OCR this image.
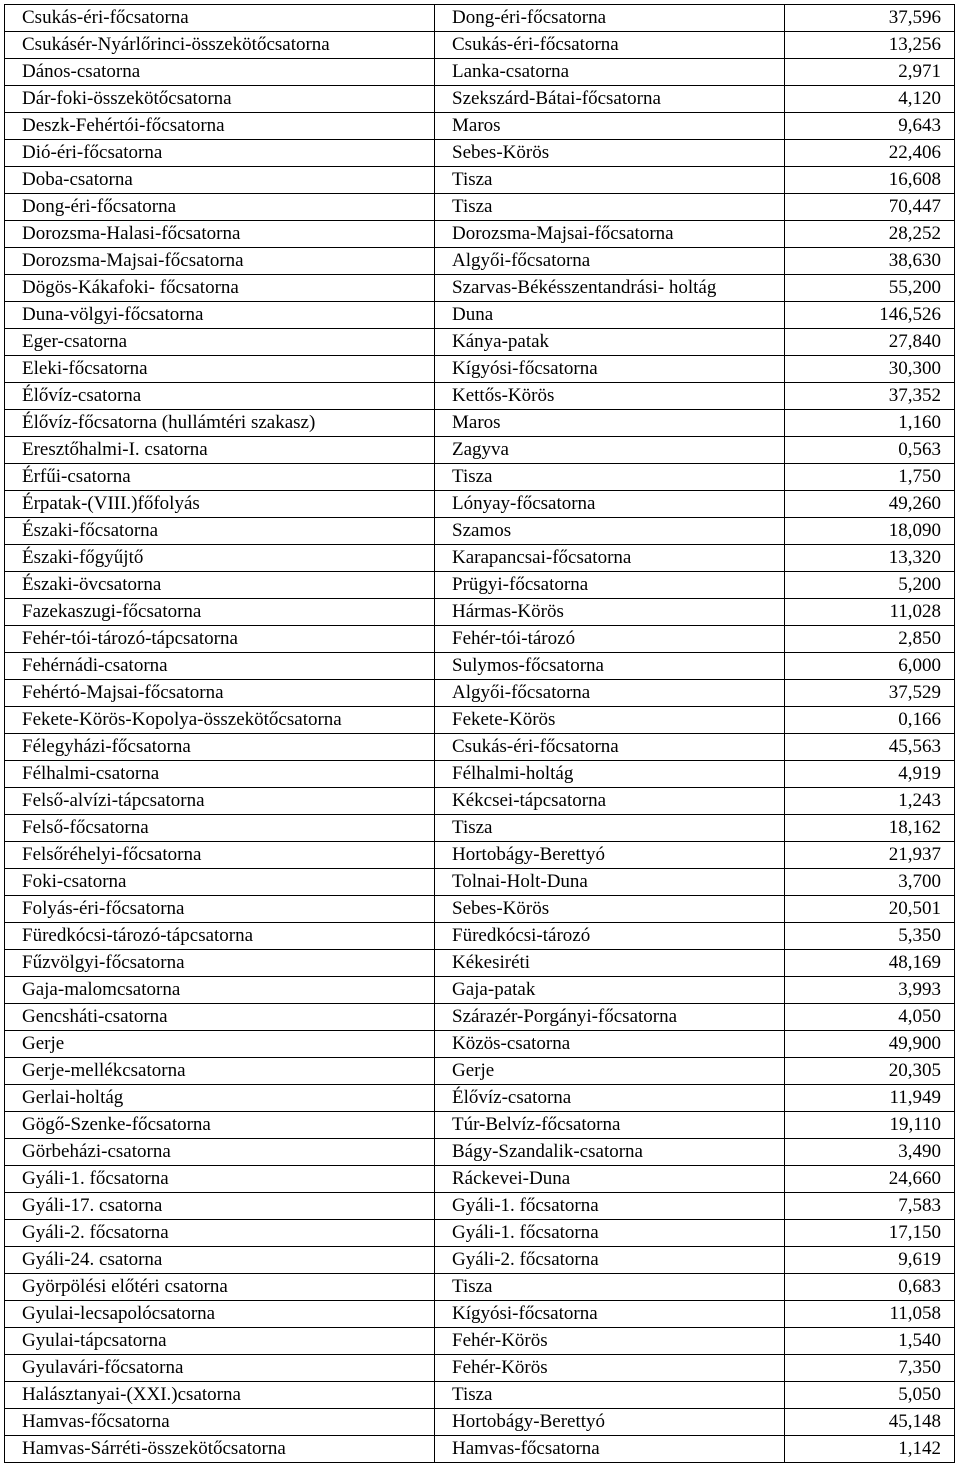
Csukás-éri-főcsatorna	Dong-éri-főcsatorna	37,596
Csukásér-Nyárlőrinci-összekötőcsatorna	Csukás-éri-főcsatorna	13,256
Dános-csatorna	Lanka-csatorna	2,971
Dár-foki-összekötőcsatorna	Szekszárd-Bátai-főcsatorna	4,120
Deszk-Fehértói-főcsatorna	Maros	9,643
Dió-éri-főcsatorna	Sebes-Körös	22,406
Doba-csatorna	Tisza	16,608
Dong-éri-főcsatorna	Tisza	70,447
Dorozsma-Halasi-főcsatorna	Dorozsma-Majsai-főcsatorna	28,252
Dorozsma-Majsai-főcsatorna	Algyői-főcsatorna	38,630
Dögös-Kákafoki- főcsatorna	Szarvas-Békésszentandrási- holtág	55,200
Duna-völgyi-főcsatorna	Duna	146,526
Eger-csatorna	Kánya-patak	27,840
Eleki-főcsatorna	Kígyósi-főcsatorna	30,300
Élővíz-csatorna	Kettős-Körös	37,352
Élővíz-főcsatorna (hullámtéri szakasz)	Maros	1,160
Eresztőhalmi-I. csatorna	Zagyva	0,563
Érfűi-csatorna	Tisza	1,750
Érpatak-(VIII.)főfolyás	Lónyay-főcsatorna	49,260
Északi-főcsatorna	Szamos	18,090
Északi-főgyűjtő	Karapancsai-főcsatorna	13,320
Északi-övcsatorna	Prügyi-főcsatorna	5,200
Fazekaszugi-főcsatorna	Hármas-Körös	11,028
Fehér-tói-tározó-tápcsatorna	Fehér-tói-tározó	2,850
Fehérnádi-csatorna	Sulymos-főcsatorna	6,000
Fehértó-Majsai-főcsatorna	Algyői-főcsatorna	37,529
Fekete-Körös-Kopolya-összekötőcsatorna	Fekete-Körös	0,166
Félegyházi-főcsatorna	Csukás-éri-főcsatorna	45,563
Félhalmi-csatorna	Félhalmi-holtág	4,919
Felső-alvízi-tápcsatorna	Kékcsei-tápcsatorna	1,243
Felső-főcsatorna	Tisza	18,162
Felsőréhelyi-főcsatorna	Hortobágy-Berettyó	21,937
Foki-csatorna	Tolnai-Holt-Duna	3,700
Folyás-éri-főcsatorna	Sebes-Körös	20,501
Füredkócsi-tározó-tápcsatorna	Füredkócsi-tározó	5,350
Fűzvölgyi-főcsatorna	Kékesiréti	48,169
Gaja-malomcsatorna	Gaja-patak	3,993
Gencsháti-csatorna	Szárazér-Porgányi-főcsatorna	4,050
Gerje	Közös-csatorna	49,900
Gerje-mellékcsatorna	Gerje	20,305
Gerlai-holtág	Élővíz-csatorna	11,949
Gögő-Szenke-főcsatorna	Túr-Belvíz-főcsatorna	19,110
Görbeházi-csatorna	Bágy-Szandalik-csatorna	3,490
Gyáli-1. főcsatorna	Ráckevei-Duna	24,660
Gyáli-17. csatorna	Gyáli-1. főcsatorna	7,583
Gyáli-2. főcsatorna	Gyáli-1. főcsatorna	17,150
Gyáli-24. csatorna	Gyáli-2. főcsatorna	9,619
Györpölési előtéri csatorna	Tisza	0,683
Gyulai-lecsapolócsatorna	Kígyósi-főcsatorna	11,058
Gyulai-tápcsatorna	Fehér-Körös	1,540
Gyulavári-főcsatorna	Fehér-Körös	7,350
Halásztanyai-(XXI.)csatorna	Tisza	5,050
Hamvas-főcsatorna	Hortobágy-Berettyó	45,148
Hamvas-Sárréti-összekötőcsatorna	Hamvas-főcsatorna	1,142
